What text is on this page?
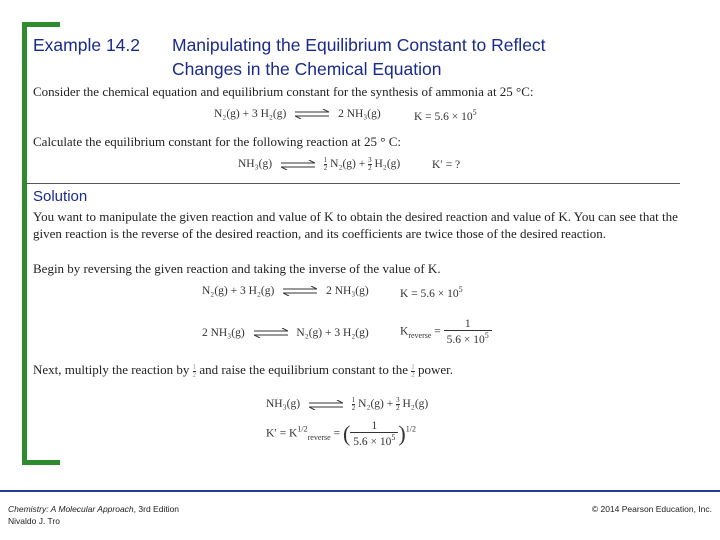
Example 14.2 Manipulating the Equilibrium Constant to Reflect
Changes in the Chemical Equation
Consider the chemical equation and equilibrium constant for the synthesis of ammonia at 25 °C:
N₂(g) + 3 H₂(g) ⇌ 2 NH₃(g)	$K = 5.6 \times 10^5$
Calculate the equilibrium constant for the following reaction at 25 ° C:
NH₃(g) ⇌ $\frac{1}{2} N_2(g) + \frac{3}{2} H_2(g)$	K′ = ?
Solution
You want to manipulate the given reaction and value of K to obtain the desired reaction and value of K. You can see that the given reaction is the reverse of the desired reaction, and its coefficients are twice those of the desired reaction.
Begin by reversing the given reaction and taking the inverse of the value of K.
N₂(g) + 3 H₂(g) ⇌ 2 NH₃(g)	$K = 5.6 \times 10^5$
2 NH₃(g) ⇌ N₂(g) + 3 H₂(g)	$K_{reverse} = \frac{1}{5.6 \times 10^5}$
Next, multiply the reaction by $\frac{1}{2}$ and raise the equilibrium constant to the $\frac{1}{2}$ power.
NH₃(g) ⇌ $\frac{1}{2} N_2(g) + \frac{3}{2} H_2(g)$
$K' = K^{1/2}_{reverse}$ = ( $\frac{1}{5.6 \times 10^5} )^{1/2}$
Chemistry: A Molecular Approach, 3rd Edition
Nivaldo J. Tro
© 2014 Pearson Education, Inc.
